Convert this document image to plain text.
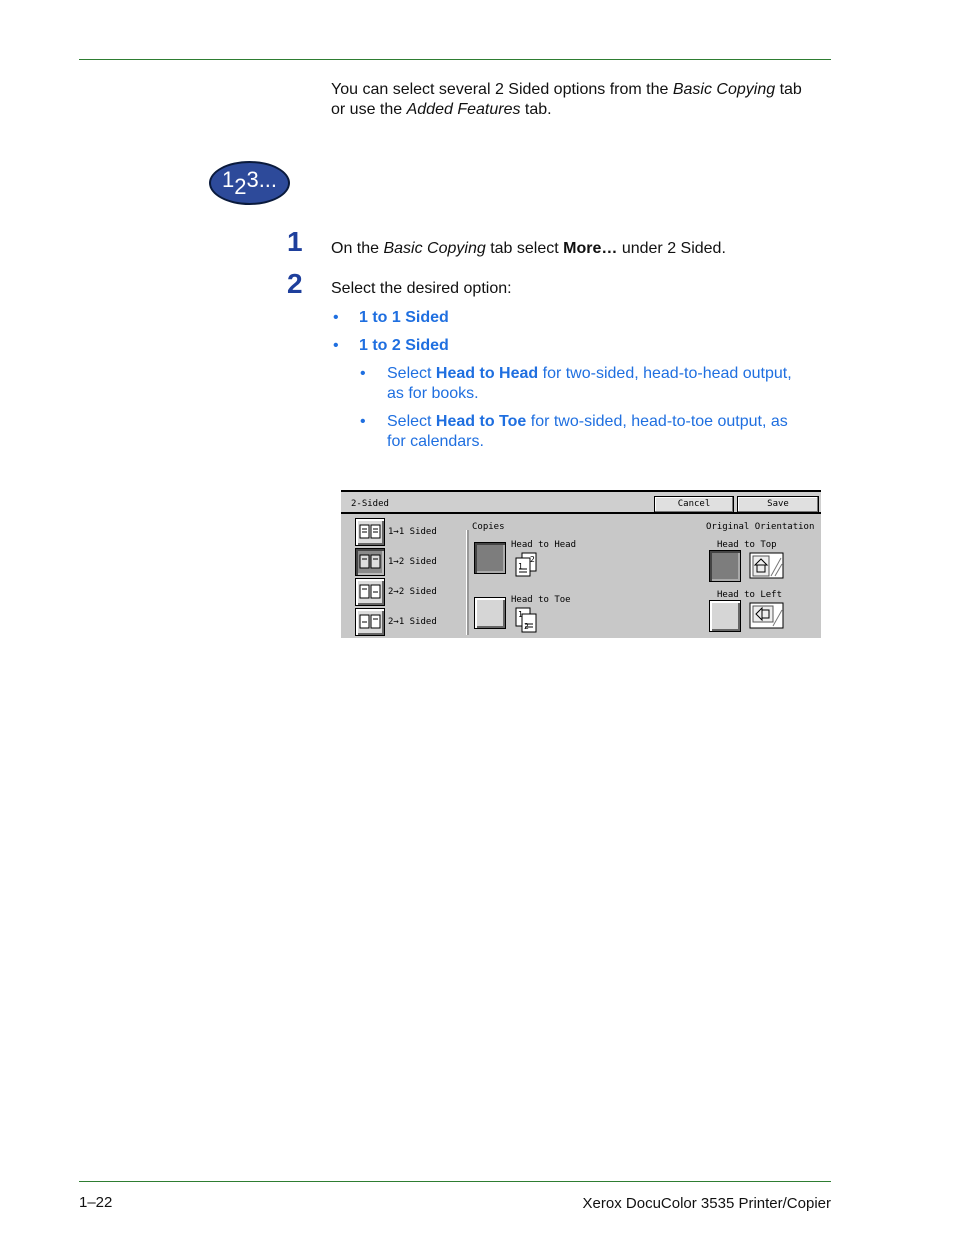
You can select several 2 Sided options from the Basic Copying tab
or use the Added Features tab.
123...
1 On the Basic Copying tab select More… under 2 Sided.
2 Select the desired option:
• 1 to 1 Sided
• 1 to 2 Sided
• Select Head to Head for two-sided, head-to-head output,
as for books.
• Select Head to Toe for two-sided, head-to-toe output, as
for calendars.
2-Sided	Cancel	Save
1→1 Sided
1→2 Sided
2→2 Sided
2→1 Sided
Copies
Head to Head
1
2
Head to Toe
1
2
Original Orientation
Head to Top
Head to Left
1–22	Xerox DocuColor 3535 Printer/Copier
